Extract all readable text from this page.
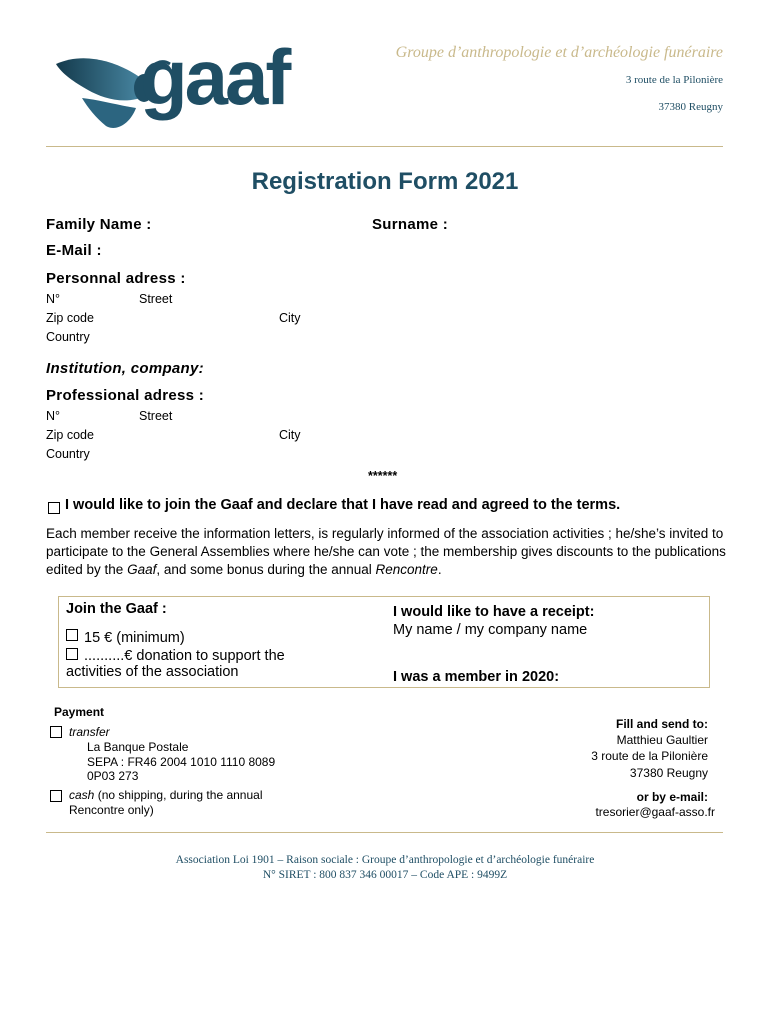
gaaf	Groupe d’anthropologie et d’archéologie funéraire
3 route de la Pilonière
37380 Reugny
Registration Form 2021
Family Name :	Surname :
E-Mail :
Personnal adress :
N°	Street
Zip code	City
Country
Institution, company:
Professional adress :
N°	Street
Zip code	City
Country
******
I would like to join the Gaaf and declare that I have read and agreed to the terms.
Each member receive the information letters, is regularly informed of the association activities ; he/she’s invited to participate to the General Assemblies where he/she can vote ; the membership gives discounts to the publications edited by the Gaaf, and some bonus during the annual Rencontre.
Join the Gaaf :
15 € (minimum)
..........€ donation to support the
activities of the association
I would like to have a receipt:
My name / my company name
I was a member in 2020:
Payment
transfer
La Banque Postale
SEPA : FR46 2004 1010 1110 8089
0P03 273
cash (no shipping, during the annual
Rencontre only)
Fill and send to:
Matthieu Gaultier
3 route de la Pilonière
37380 Reugny
or by e-mail:
tresorier@gaaf-asso.fr
Association Loi 1901 – Raison sociale : Groupe d’anthropologie et d’archéologie funéraire
N° SIRET : 800 837 346 00017 – Code APE : 9499Z
